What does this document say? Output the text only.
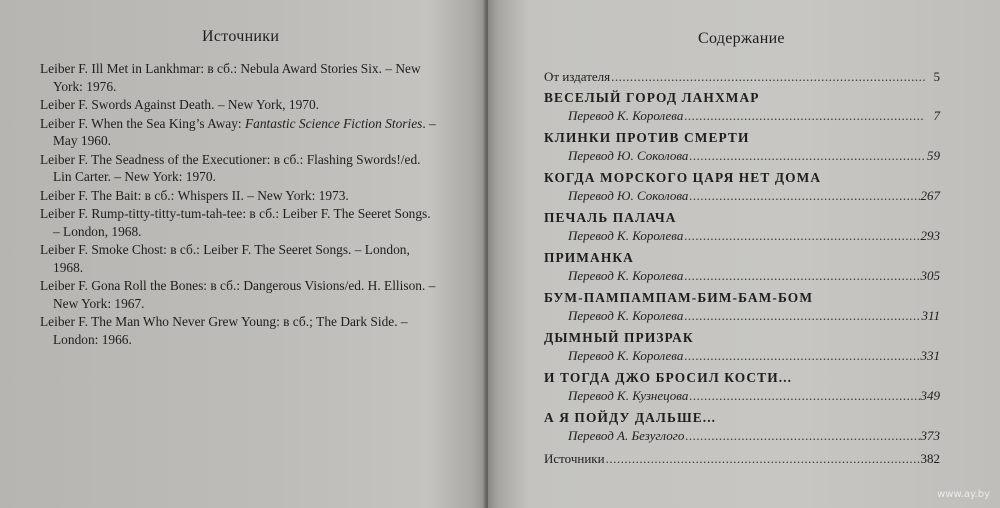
Источники
Leiber F. Ill Met in Lankhmar: в сб.: Nebula Award Stories Six. – New York: 1976.
Leiber F. Swords Against Death. – New York, 1970.
Leiber F. When the Sea King’s Away: Fantastic Science Fiction Stories. – May 1960.
Leiber F. The Seadness of the Executioner: в сб.: Flashing Swords!/ed. Lin Carter. – New York: 1970.
Leiber F. The Bait: в сб.: Whispers II. – New York: 1973.
Leiber F. Rump-titty-titty-tum-tah-tee: в сб.: Leiber F. The Seeret Songs. – London, 1968.
Leiber F. Smoke Chost: в сб.: Leiber F. The Seeret Songs. – London, 1968.
Leiber F. Gona Roll the Bones: в сб.: Dangerous Visions/ed. H. Ellison. – New York: 1967.
Leiber F. The Man Who Never Grew Young: в сб.; The Dark Side. – London: 1966.
Содержание
От издателя .....	5
ВЕСЕЛЫЙ ГОРОД ЛАНХМАР
Перевод К. Королева .....	7
КЛИНКИ ПРОТИВ СМЕРТИ
Перевод Ю. Соколова .....	59
КОГДА МОРСКОГО ЦАРЯ НЕТ ДОМА
Перевод Ю. Соколова .....	267
ПЕЧАЛЬ ПАЛАЧА
Перевод К. Королева .....	293
ПРИМАНКА
Перевод К. Королева .....	305
БУМ-ПАМПАМПАМ-БИМ-БАМ-БОМ
Перевод К. Королева .....	311
ДЫМНЫЙ ПРИЗРАК
Перевод К. Королева .....	331
И ТОГДА ДЖО БРОСИЛ КОСТИ...
Перевод К. Кузнецова .....	349
А Я ПОЙДУ ДАЛЬШЕ...
Перевод А. Безуглого .....	373
Источники .....	382
www.ay.by
